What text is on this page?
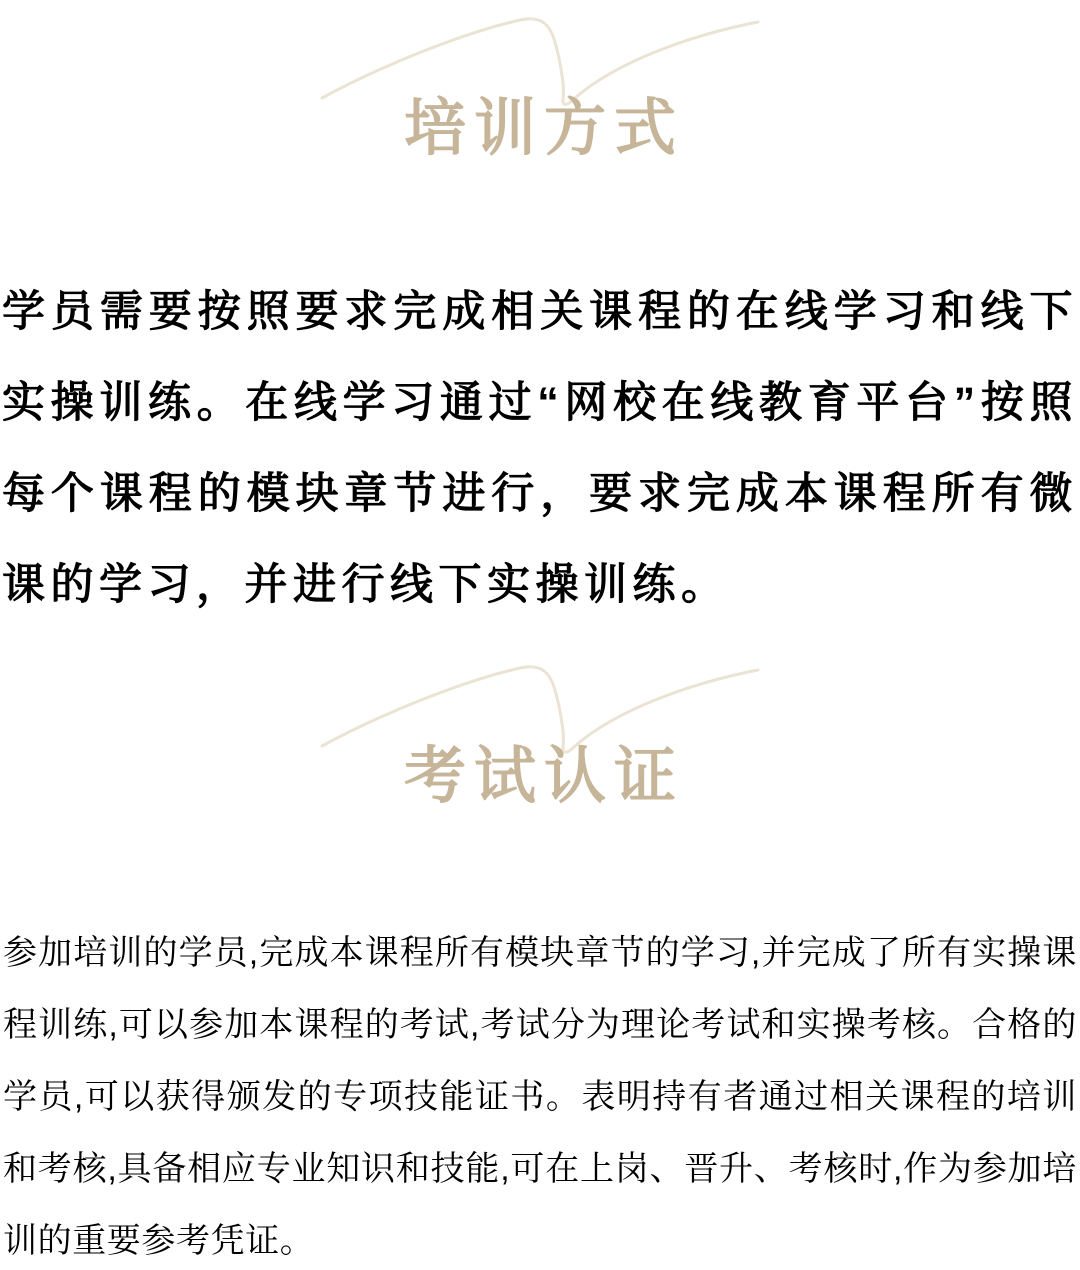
培训方式

学员需要按照要求完成相关课程的在线学习和线下实操训练。在线学习通过“网校在线教育平台”按照每个课程的模块章节进行，要求完成本课程所有微课的学习，并进行线下实操训练。

考试认证

参加培训的学员,完成本课程所有模块章节的学习,并完成了所有实操课程训练,可以参加本课程的考试,考试分为理论考试和实操考核。合格的学员,可以获得颁发的专项技能证书。表明持有者通过相关课程的培训和考核,具备相应专业知识和技能,可在上岗、晋升、考核时,作为参加培训的重要参考凭证。
